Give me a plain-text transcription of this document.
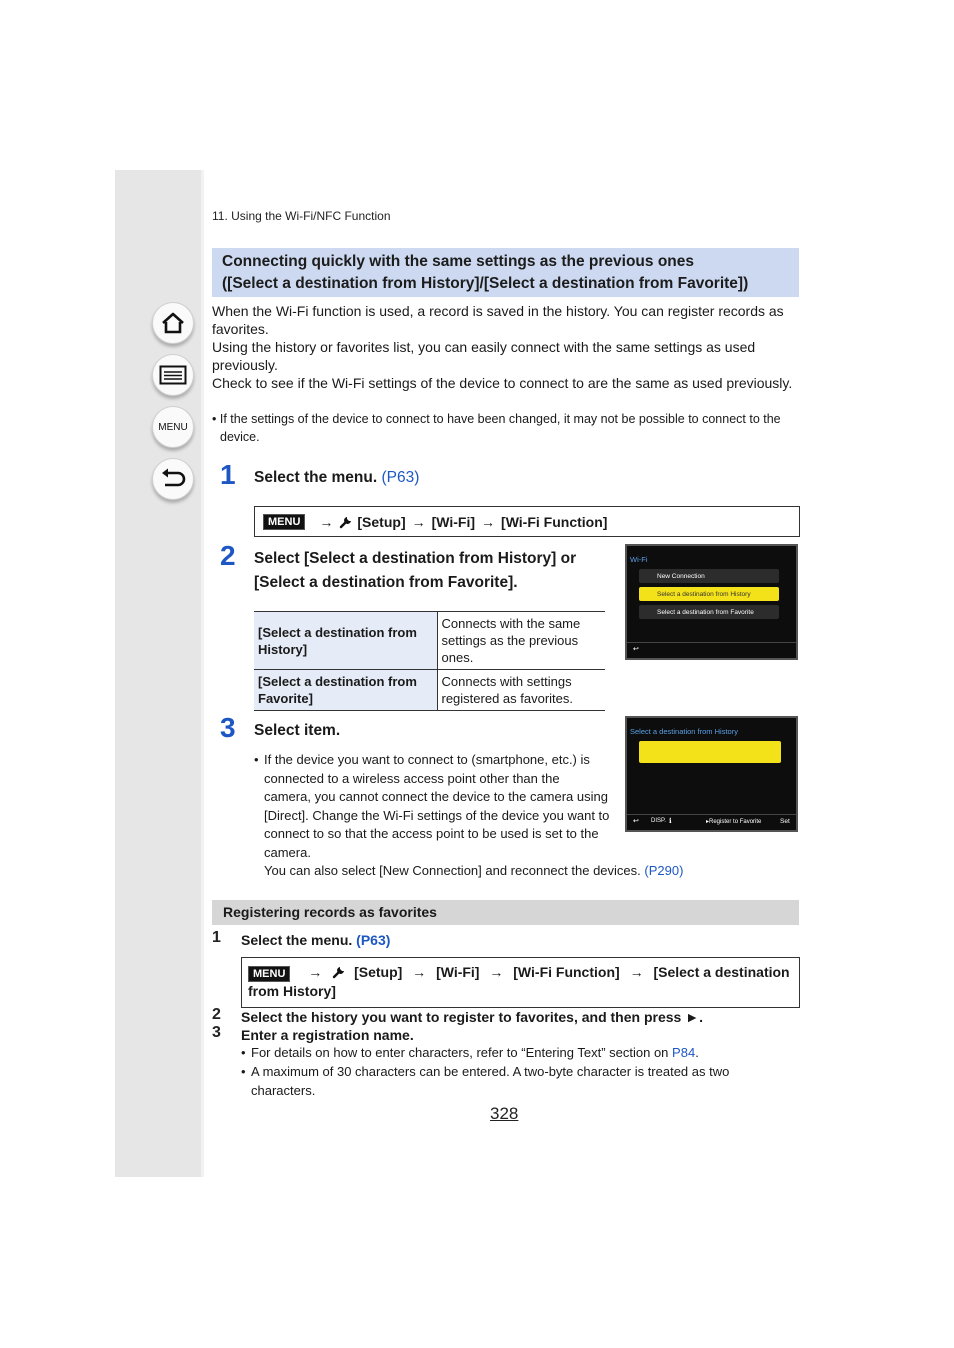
MENU
11. Using the Wi-Fi/NFC Function
Connecting quickly with the same settings as the previous ones
([Select a destination from History]/[Select a destination from Favorite])
When the Wi-Fi function is used, a record is saved in the history. You can register records as favorites.
Using the history or favorites list, you can easily connect with the same settings as used previously.
Check to see if the Wi-Fi settings of the device to connect to are the same as used previously.
• If the settings of the device to connect to have been changed, it may not be possible to connect to the device.
1 Select the menu. (P63)
MENU	→ [Setup] → [Wi-Fi] → [Wi-Fi Function]
2 Select [Select a destination from History] or [Select a destination from Favorite].
[Select a destination from History]	Connects with the same settings as the previous ones.
[Select a destination from Favorite]	Connects with settings registered as favorites.
Wi-Fi
New Connection
Select a destination from History
Select a destination from Favorite
↩
3 Select item.
• If the device you want to connect to (smartphone, etc.) is connected to a wireless access point other than the camera, you cannot connect the device to the camera using [Direct]. Change the Wi-Fi settings of the device you want to connect to so that the access point to be used is set to the camera.
You can also select [New Connection] and reconnect the devices. (P290)
Select a destination from History
↩ DISP. ℹ	▸Register to Favorite	Set
Registering records as favorites
1 Select the menu. (P63)
MENU → [Setup] → [Wi-Fi] → [Wi-Fi Function] → [Select a destination from History]
2 Select the history you want to register to favorites, and then press ►.
3 Enter a registration name.
• For details on how to enter characters, refer to “Entering Text” section on P84.
• A maximum of 30 characters can be entered. A two-byte character is treated as two characters.
328
